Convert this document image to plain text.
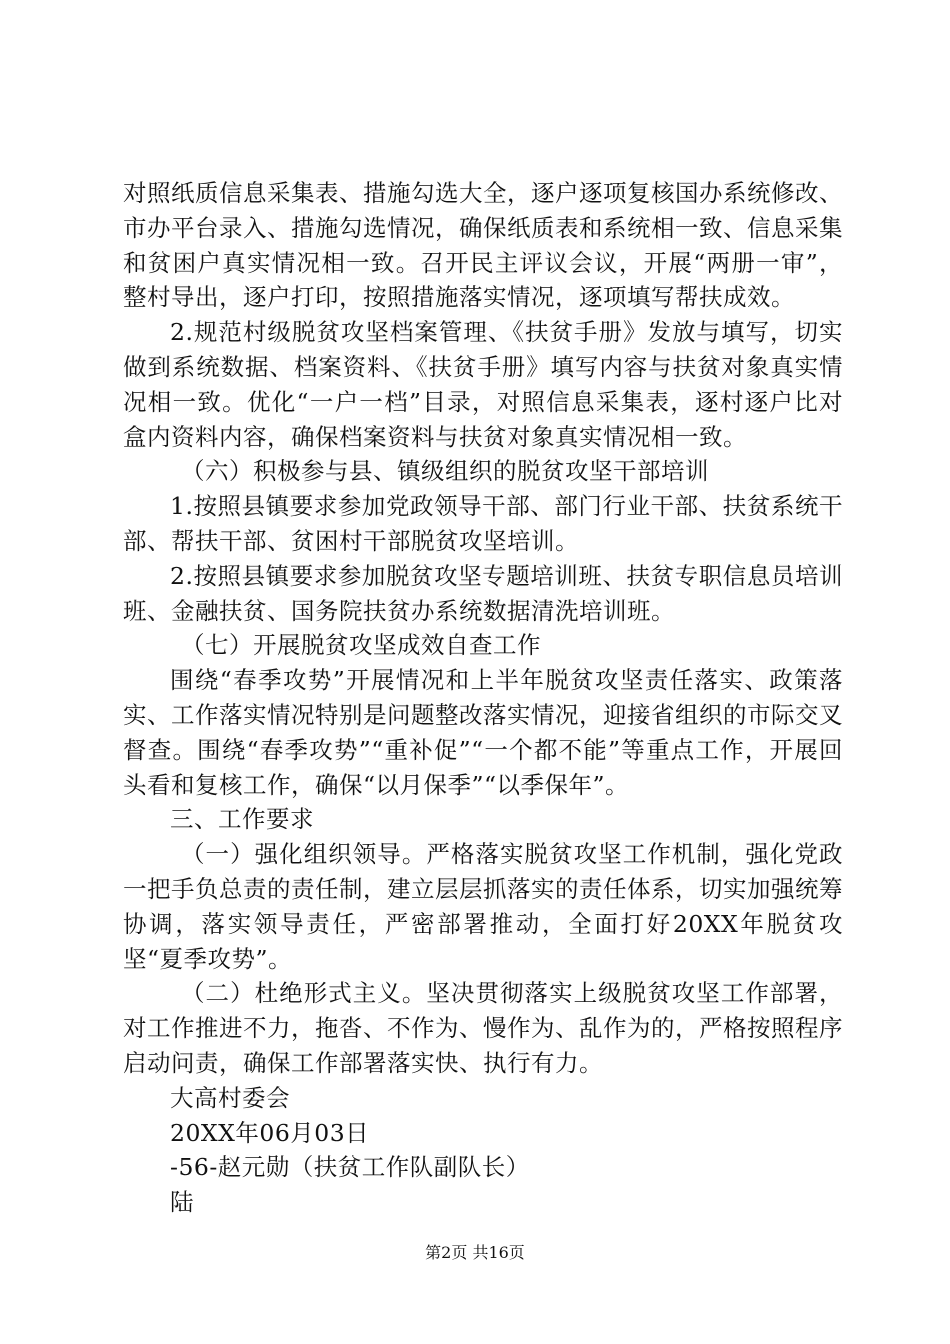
对照纸质信息采集表、措施勾选大全，逐户逐项复核国办系统修改、市办平台录入、措施勾选情况，确保纸质表和系统相一致、信息采集和贫困户真实情况相一致。召开民主评议会议，开展“两册一审”，整村导出，逐户打印，按照措施落实情况，逐项填写帮扶成效。

2.规范村级脱贫攻坚档案管理、《扶贫手册》发放与填写，切实做到系统数据、档案资料、《扶贫手册》填写内容与扶贫对象真实情况相一致。优化“一户一档”目录，对照信息采集表，逐村逐户比对盒内资料内容，确保档案资料与扶贫对象真实情况相一致。

（六）积极参与县、镇级组织的脱贫攻坚干部培训

1.按照县镇要求参加党政领导干部、部门行业干部、扶贫系统干部、帮扶干部、贫困村干部脱贫攻坚培训。

2.按照县镇要求参加脱贫攻坚专题培训班、扶贫专职信息员培训班、金融扶贫、国务院扶贫办系统数据清洗培训班。

（七）开展脱贫攻坚成效自查工作

围绕“春季攻势”开展情况和上半年脱贫攻坚责任落实、政策落实、工作落实情况特别是问题整改落实情况，迎接省组织的市际交叉督查。围绕“春季攻势”“重补促”“一个都不能”等重点工作，开展回头看和复核工作，确保“以月保季”“以季保年”。

三、工作要求

（一）强化组织领导。严格落实脱贫攻坚工作机制，强化党政一把手负总责的责任制，建立层层抓落实的责任体系，切实加强统筹协调，落实领导责任，严密部署推动，全面打好20XX年脱贫攻坚“夏季攻势”。

（二）杜绝形式主义。坚决贯彻落实上级脱贫攻坚工作部署，对工作推进不力，拖沓、不作为、慢作为、乱作为的，严格按照程序启动问责，确保工作部署落实快、执行有力。

大高村委会

20XX年06月03日

-56-赵元勋（扶贫工作队副队长）

陆

第2页 共16页
